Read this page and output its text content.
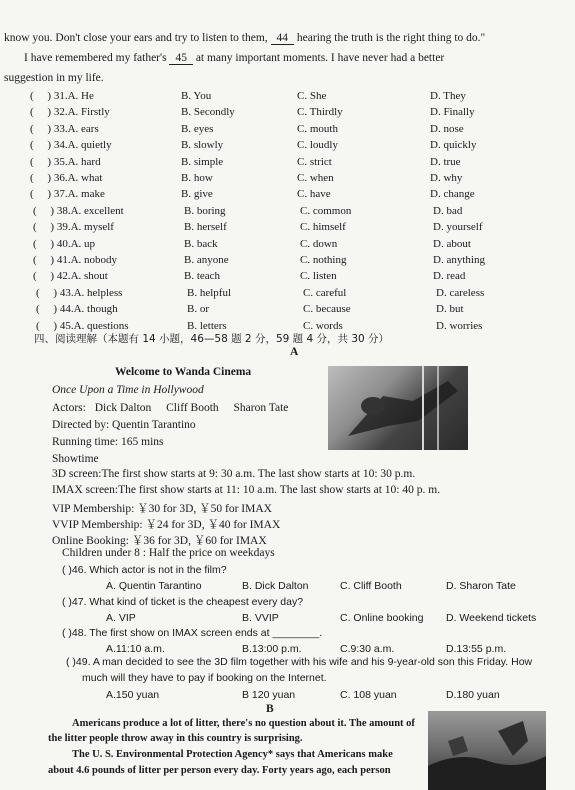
know you. Don't close your ears and try to listen to them, 44 hearing the truth is the right thing to do."
I have remembered my father's 45 at many important moments. I have never had a better
suggestion in my life.
(     ) 31.A. He	B. You	C. She	D. They
(     ) 32.A. Firstly	B. Secondly	C. Thirdly	D. Finally
(     ) 33.A. ears	B. eyes	C. mouth	D. nose
(     ) 34.A. quietly	B. slowly	C. loudly	D. quickly
(     ) 35.A. hard	B. simple	C. strict	D. true
(     ) 36.A. what	B. how	C. when	D. why
(     ) 37.A. make	B. give	C. have	D. change
(     ) 38.A. excellent	B. boring	C. common	D. bad
(     ) 39.A. myself	B. herself	C. himself	D. yourself
(     ) 40.A. up	B. back	C. down	D. about
(     ) 41.A. nobody	B. anyone	C. nothing	D. anything
(     ) 42.A. shout	B. teach	C. listen	D. read
(     ) 43.A. helpless	B. helpful	C. careful	D. careless
(     ) 44.A. though	B. or	C. because	D. but
(     ) 45.A. questions	B. letters	C. words	D. worries
四、阅读理解（本题有 14 小题，46—58 题 2 分，59 题 4 分，共 30 分）
A
Welcome to Wanda Cinema
Once Upon a Time in Hollywood
Actors: Dick Dalton Cliff Booth Sharon Tate
Directed by: Quentin Tarantino
Running time: 165 mins
Showtime
3D screen:The first show starts at 9: 30 a.m. The last show starts at 10: 30 p.m.
IMAX screen:The first show starts at 11: 10 a.m. The last show starts at 10: 40 p. m.
VIP Membership: ￥30 for 3D, ￥50 for IMAX
VVIP Membership: ￥24 for 3D, ￥40 for IMAX
Online Booking: ￥36 for 3D, ￥60 for IMAX
Children under 8 : Half the price on weekdays
( )46. Which actor is not in the film?
A. Quentin Tarantino	B. Dick Dalton	C. Cliff Booth	D. Sharon Tate
( )47. What kind of ticket is the cheapest every day?
A. VIP	B. VVIP	C. Online booking D. Weekend tickets
( )48. The first show on IMAX screen ends at ________.
A.11:10 a.m.	B.13:00 p.m.	C.9:30 a.m.	D.13:55 p.m.
( )49. A man decided to see the 3D film together with his wife and his 9-year-old son this Friday. How
much will they have to pay if booking on the Internet.
A.150 yuan	B 120 yuan	C. 108 yuan	D.180 yuan
B
Americans produce a lot of litter, there's no question about it. The amount of
the litter people throw away in this country is surprising.
The U. S. Environmental Protection Agency* says that Americans make
about 4.6 pounds of litter per person every day. Forty years ago, each person
